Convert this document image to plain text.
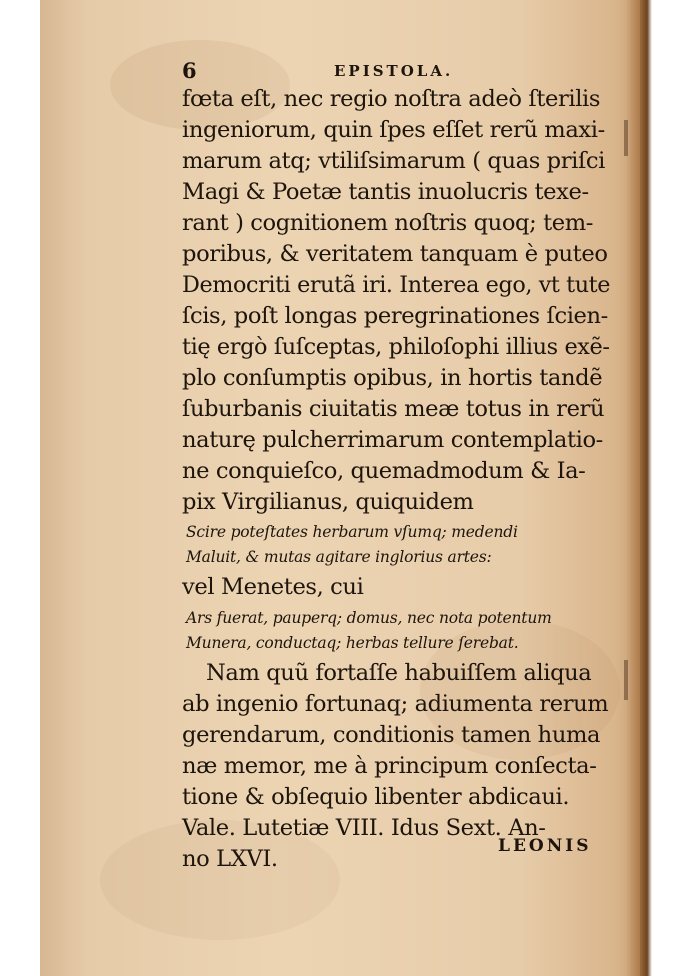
6	EPISTOLA.
fœta eſt, nec regio noſtra adeò ſterilis
ingeniorum, quin ſpes eſſet rerũ maxi-
marum atq; vtiliſsimarum ( quas priſci
Magi & Poetæ tantis inuolucris texe-
rant ) cognitionem noſtris quoq; tem-
poribus, & veritatem tanquam è puteo
Democriti erutã iri. Interea ego, vt tute
ſcis, poſt longas peregrinationes ſcien-
tię ergò ſuſceptas, philoſophi illius exẽ-
plo conſumptis opibus, in hortis tandẽ
ſuburbanis ciuitatis meæ totus in rerũ
naturę pulcherrimarum contemplatio-
ne conquieſco, quemadmodum & Ia-
pix Virgilianus, quiquidem
Scire poteſtates herbarum vſumq; medendi
Maluit, & mutas agitare inglorius artes:
vel Menetes, cui
Ars fuerat, pauperq; domus, nec nota potentum
Munera, conductaq; herbas tellure ſerebat.
Nam quũ fortaſſe habuiſſem aliqua
ab ingenio fortunaq; adiumenta rerum
gerendarum, conditionis tamen huma
næ memor, me à principum conſecta-
tione & obſequio libenter abdicaui.
Vale. Lutetiæ VIII. Idus Sext. An-
no LXVI.	LEONIS
